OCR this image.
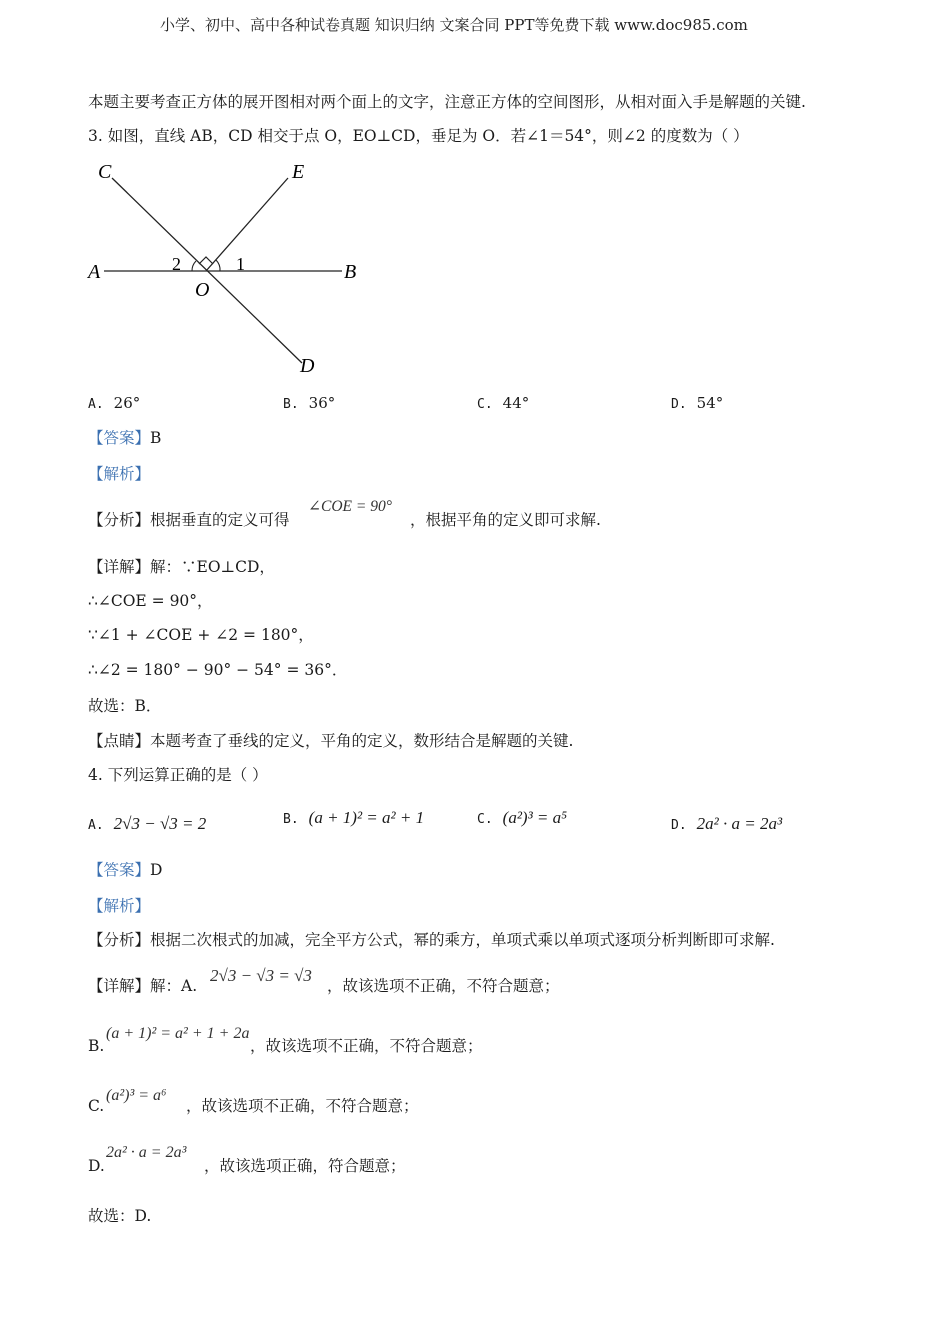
小学、初中、高中各种试卷真题 知识归纳 文案合同 PPT等免费下载 www.doc985.com
本题主要考查正方体的展开图相对两个面上的文字，注意正方体的空间图形，从相对面入手是解题的关键.
3. 如图，直线 AB，CD 相交于点 O，EO⊥CD，垂足为 O．若∠1＝54°，则∠2 的度数为（ ）
C	E
A	B
O
D
2	1
A. 26°	B. 36°	C. 44°	D. 54°
【答案】B
【解析】
【分析】根据垂直的定义可得
∠COE = 90°
，根据平角的定义即可求解.
【详解】解：∵EO⊥CD，
∴∠COE = 90°，
∵∠1 + ∠COE + ∠2 = 180°，
∴∠2 = 180° − 90° − 54° = 36°．
故选：B．
【点睛】本题考查了垂线的定义，平角的定义，数形结合是解题的关键.
4. 下列运算正确的是（ ）
A. 2√3 − √3 = 2	B. (a + 1)² = a² + 1	C. (a²)³ = a⁵	D. 2a² · a = 2a³
【答案】D
【解析】
【分析】根据二次根式的加减，完全平方公式，幂的乘方，单项式乘以单项式逐项分析判断即可求解.
【详解】解：A.
2√3 − √3 = √3
，故该选项不正确，不符合题意；
B.
(a + 1)² = a² + 1 + 2a
，故该选项不正确，不符合题意；
C.
(a²)³ = a⁶
，故该选项不正确，不符合题意；
D.
2a² · a = 2a³
，故该选项正确，符合题意；
故选：D.
